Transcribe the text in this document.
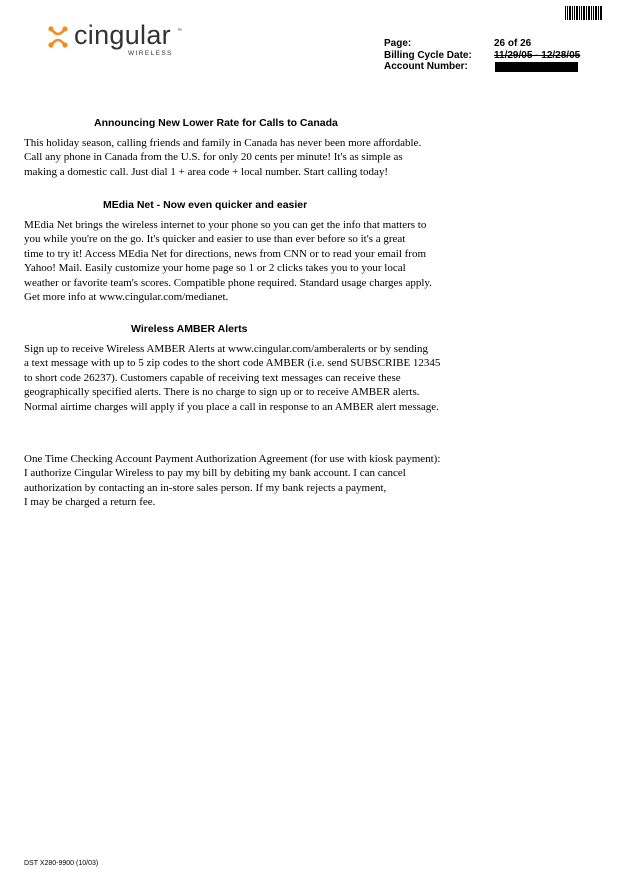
cingular ™
WIRELESS
Page:	26 of 26
Billing Cycle Date: 11/29/05 - 12/28/05
Account Number:
Announcing New Lower Rate for Calls to Canada
This holiday season, calling friends and family in Canada has never been more affordable.
Call any phone in Canada from the U.S. for only 20 cents per minute! It's as simple as
making a domestic call. Just dial 1 + area code + local number. Start calling today!
MEdia Net - Now even quicker and easier
MEdia Net brings the wireless internet to your phone so you can get the info that matters to
you while you're on the go. It's quicker and easier to use than ever before so it's a great
time to try it! Access MEdia Net for directions, news from CNN or to read your email from
Yahoo! Mail. Easily customize your home page so 1 or 2 clicks takes you to your local
weather or favorite team's scores. Compatible phone required. Standard usage charges apply.
Get more info at www.cingular.com/medianet.
Wireless AMBER Alerts
Sign up to receive Wireless AMBER Alerts at www.cingular.com/amberalerts or by sending
a text message with up to 5 zip codes to the short code AMBER (i.e. send SUBSCRIBE 12345
to short code 26237). Customers capable of receiving text messages can receive these
geographically specified alerts. There is no charge to sign up or to receive AMBER alerts.
Normal airtime charges will apply if you place a call in response to an AMBER alert message.
One Time Checking Account Payment Authorization Agreement (for use with kiosk payment):
I authorize Cingular Wireless to pay my bill by debiting my bank account. I can cancel
authorization by contacting an in-store sales person. If my bank rejects a payment,
I may be charged a return fee.
DST X280-9900 (10/03)
